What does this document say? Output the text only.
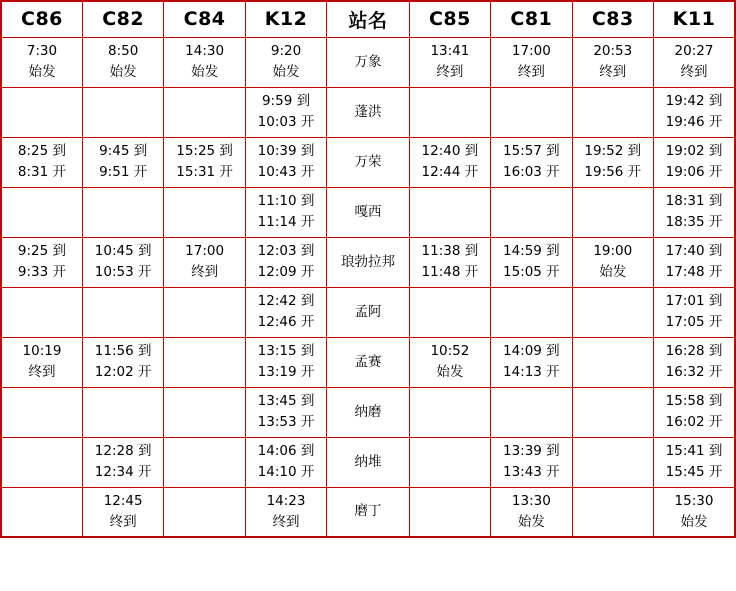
C86	C82	C84	K12	站名	C85	C81	C83	K11

7:30
始发	8:50
始发	14:30
始发	9:20
始发	万象	13:41
终到	17:00
终到	20:53
终到	20:27
终到

			9:59 到
10:03 开	蓬洪				19:42 到
19:46 开

8:25 到
8:31 开	9:45 到
9:51 开	15:25 到
15:31 开	10:39 到
10:43 开	万荣	12:40 到
12:44 开	15:57 到
16:03 开	19:52 到
19:56 开	19:02 到
19:06 开

			11:10 到
11:14 开	嘎西				18:31 到
18:35 开

9:25 到
9:33 开	10:45 到
10:53 开	17:00
终到	12:03 到
12:09 开	琅勃拉邦	11:38 到
11:48 开	14:59 到
15:05 开	19:00
始发	17:40 到
17:48 开

			12:42 到
12:46 开	孟阿				17:01 到
17:05 开

10:19
终到	11:56 到
12:02 开		13:15 到
13:19 开	孟赛	10:52
始发	14:09 到
14:13 开		16:28 到
16:32 开

			13:45 到
13:53 开	纳磨				15:58 到
16:02 开

	12:28 到
12:34 开		14:06 到
14:10 开	纳堆		13:39 到
13:43 开		15:41 到
15:45 开

	12:45
终到		14:23
终到	磨丁		13:30
始发		15:30
始发
